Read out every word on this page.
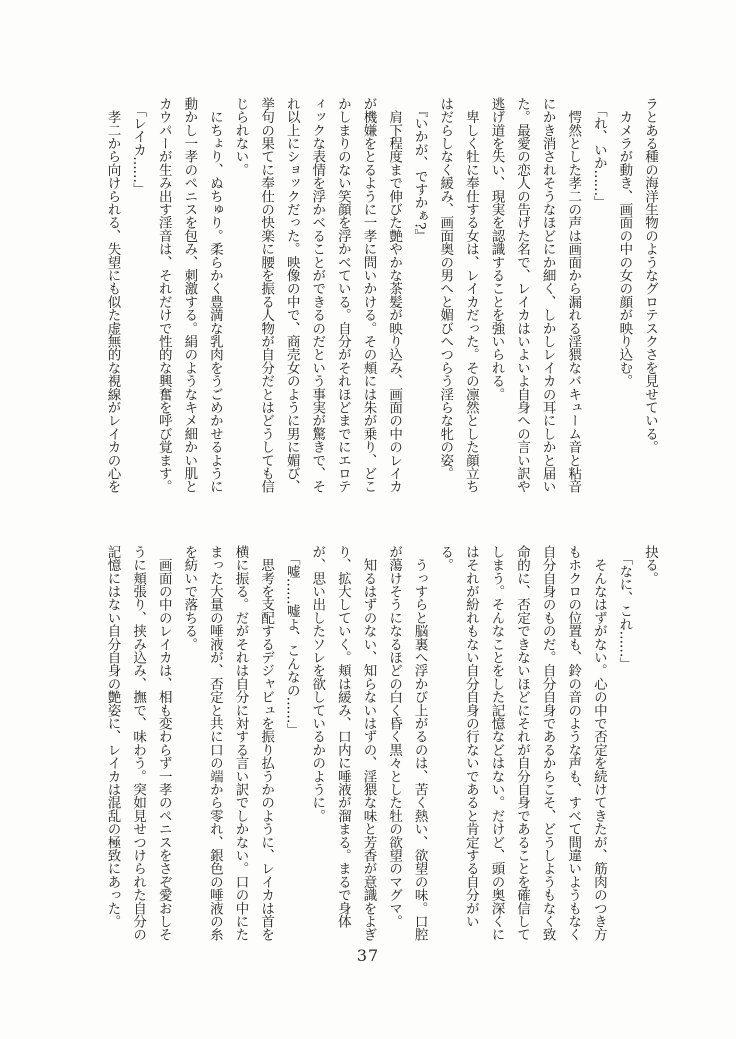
ラとある種の海洋生物のようなグロテスクさを見せている。
　カメラが動き、画面の中の女の顔が映り込む。
　「れ、いか……」
　愕然とした孝二の声は画面から漏れる淫猥なバキューム音と粘音
にかき消されそうなほどにか細く、しかしレイカの耳にしかと届い
た。最愛の恋人の告げた名で、レイカはいよいよ自身への言い訳や
逃げ道を失い、現実を認識することを強いられる。
　卑しく牡に奉仕する女は、レイカだった。その凛然とした顔立ち
はだらしなく緩み、画面奥の男へと媚びへつらう淫らな牝の姿。
　『いかが、ですかぁ?』
　肩下程度まで伸びた艶やかな茶髪が映り込み、画面の中のレイカ
が機嫌をとるように一孝に問いかける。その頬には朱が乗り、どこ
かしまりのない笑顔を浮かべている。自分がそれほどまでにエロテ
ィックな表情を浮かべることができるのだという事実が驚きで、そ
れ以上にショックだった。映像の中で、商売女のように男に媚び、
挙句の果てに奉仕の快楽に腰を振る人物が自分だとはどうしても信
じられない。
　にちょり、ぬちゅり。柔らかく豊満な乳肉をうごめかせるように
動かし一孝のペニスを包み、刺激する。絹のようなキメ細かい肌と
カウパーが生み出す淫音は、それだけで性的な興奮を呼び覚ます。
　「レイカ……」
　孝二から向けられる、失望にも似た虚無的な視線がレイカの心を
抉る。
　「なに、これ……」
　そんなはずがない。心の中で否定を続けてきたが、筋肉のつき方
もホクロの位置も、鈴の音のような声も、すべて間違いようもなく
自分自身のものだ。自分自身であるからこそ、どうしようもなく致
命的に、否定できないほどにそれが自分自身であることを確信して
しまう。そんなことをした記憶などはない。だけど、頭の奥深くに
はそれが紛れもない自分自身の行ないであると肯定する自分がい
る。
　うっすらと脳裏へ浮かび上がるのは、苦く熱い、欲望の味。口腔
が蕩けそうになるほどの白く昏く黒々とした牡の欲望のマグマ。
　知るはずのない、知らないはずの、淫猥な味と芳香が意識をよぎ
り、拡大していく。頬は緩み、口内に唾液が溜まる。まるで身体
が、思い出したソレを欲しているかのように。
　「嘘……嘘よ、こんなの……」
　思考を支配するデジャビュを振り払うかのように、レイカは首を
横に振る。だがそれは自分に対する言い訳でしかない。口の中にた
まった大量の唾液が、否定と共に口の端から零れ、銀色の唾液の糸
を紡いで落ちる。
　画面の中のレイカは、相も変わらず一孝のペニスをさぞ愛おしそ
うに頬張り、挟み込み、撫で、味わう。突如見せつけられた自分の
記憶にはない自分自身の艶姿に、レイカは混乱の極致にあった。
37
